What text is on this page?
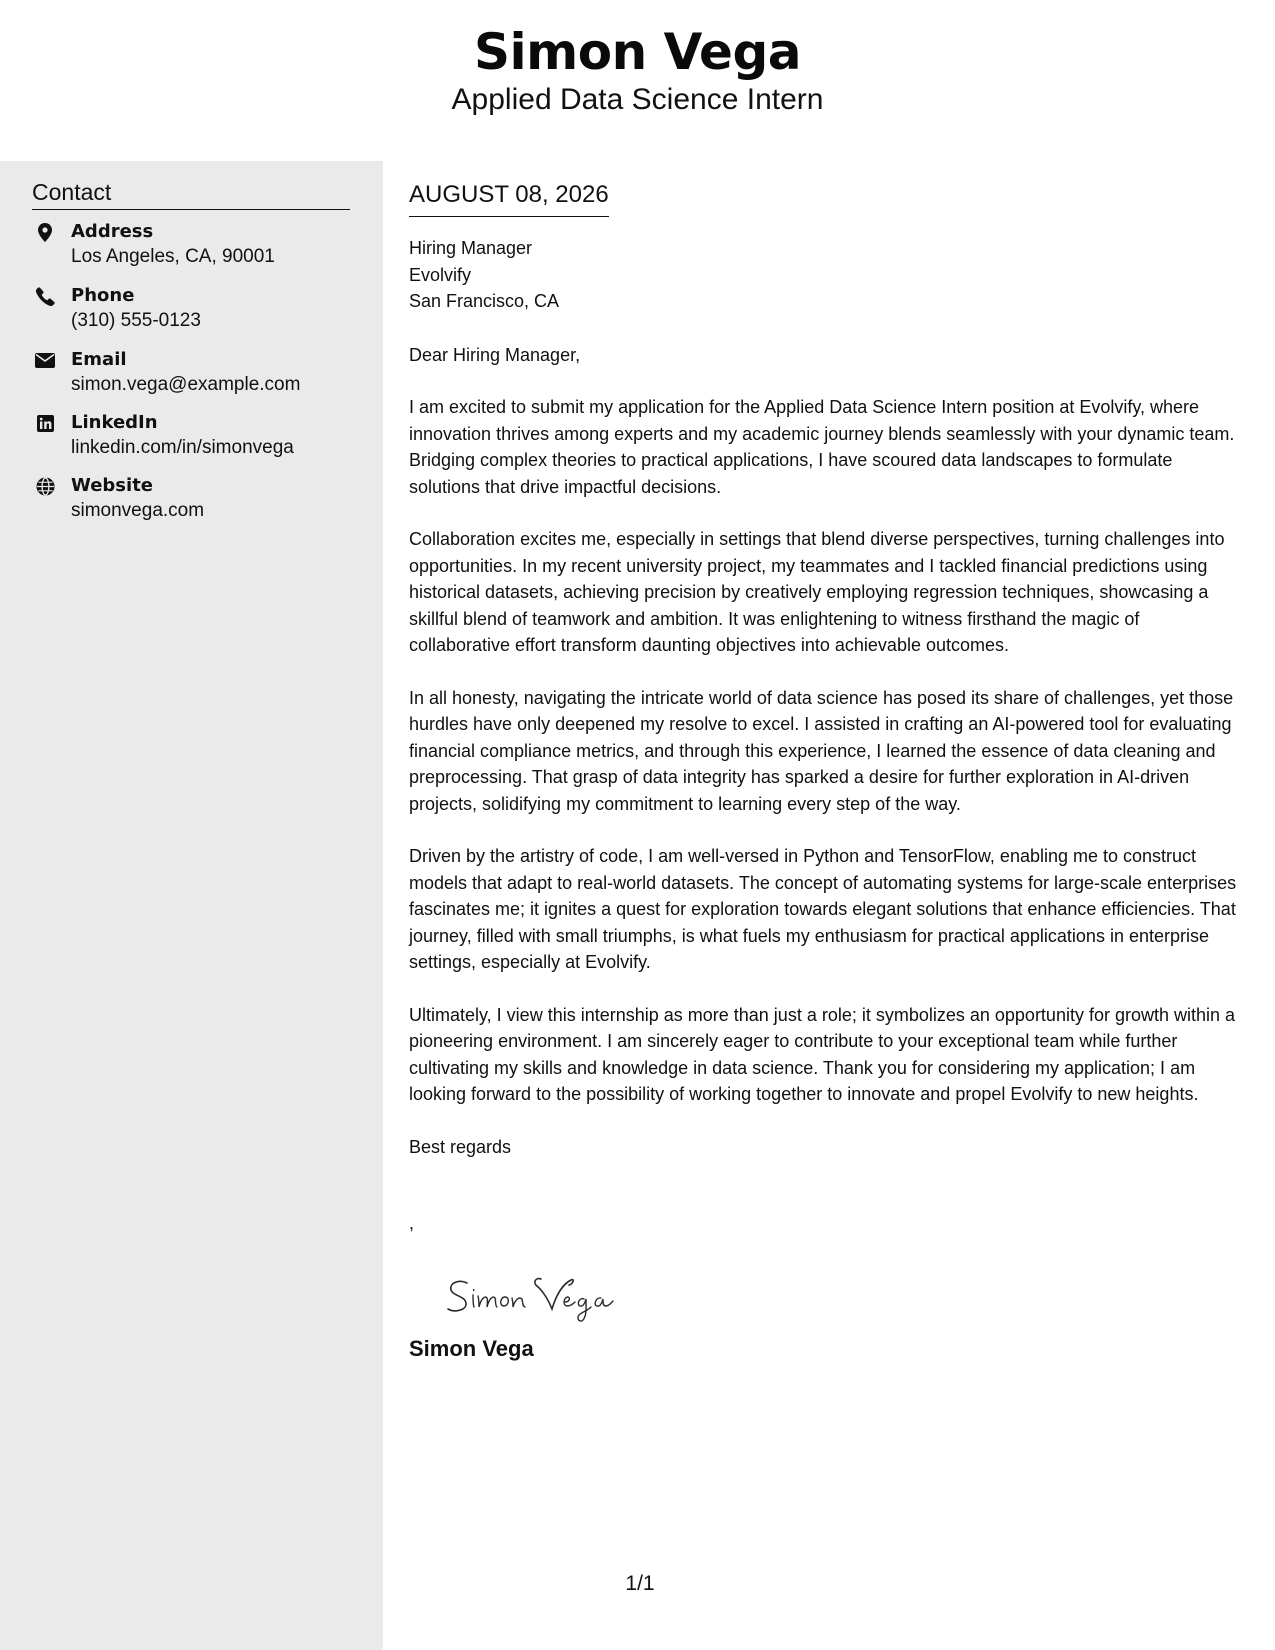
Simon Vega
Applied Data Science Intern
Contact
Address
Los Angeles, CA, 90001
Phone
(310) 555-0123
Email
simon.vega@example.com
LinkedIn
linkedin.com/in/simonvega
Website
simonvega.com
AUGUST 08, 2026
Hiring Manager
Evolvify
San Francisco, CA
Dear Hiring Manager,

I am excited to submit my application for the Applied Data Science Intern position at Evolvify, where innovation thrives among experts and my academic journey blends seamlessly with your dynamic team. Bridging complex theories to practical applications, I have scoured data landscapes to formulate solutions that drive impactful decisions.

Collaboration excites me, especially in settings that blend diverse perspectives, turning challenges into opportunities. In my recent university project, my teammates and I tackled financial predictions using historical datasets, achieving precision by creatively employing regression techniques, showcasing a skillful blend of teamwork and ambition. It was enlightening to witness firsthand the magic of collaborative effort transform daunting objectives into achievable outcomes.

In all honesty, navigating the intricate world of data science has posed its share of challenges, yet those hurdles have only deepened my resolve to excel. I assisted in crafting an AI-powered tool for evaluating financial compliance metrics, and through this experience, I learned the essence of data cleaning and preprocessing. That grasp of data integrity has sparked a desire for further exploration in AI-driven projects, solidifying my commitment to learning every step of the way.

Driven by the artistry of code, I am well-versed in Python and TensorFlow, enabling me to construct models that adapt to real-world datasets. The concept of automating systems for large-scale enterprises fascinates me; it ignites a quest for exploration towards elegant solutions that enhance efficiencies. That journey, filled with small triumphs, is what fuels my enthusiasm for practical applications in enterprise settings, especially at Evolvify.

Ultimately, I view this internship as more than just a role; it symbolizes an opportunity for growth within a pioneering environment. I am sincerely eager to contribute to your exceptional team while further cultivating my skills and knowledge in data science. Thank you for considering my application; I am looking forward to the possibility of working together to innovate and propel Evolvify to new heights.

Best regards
,
Simon Vega
1/1
